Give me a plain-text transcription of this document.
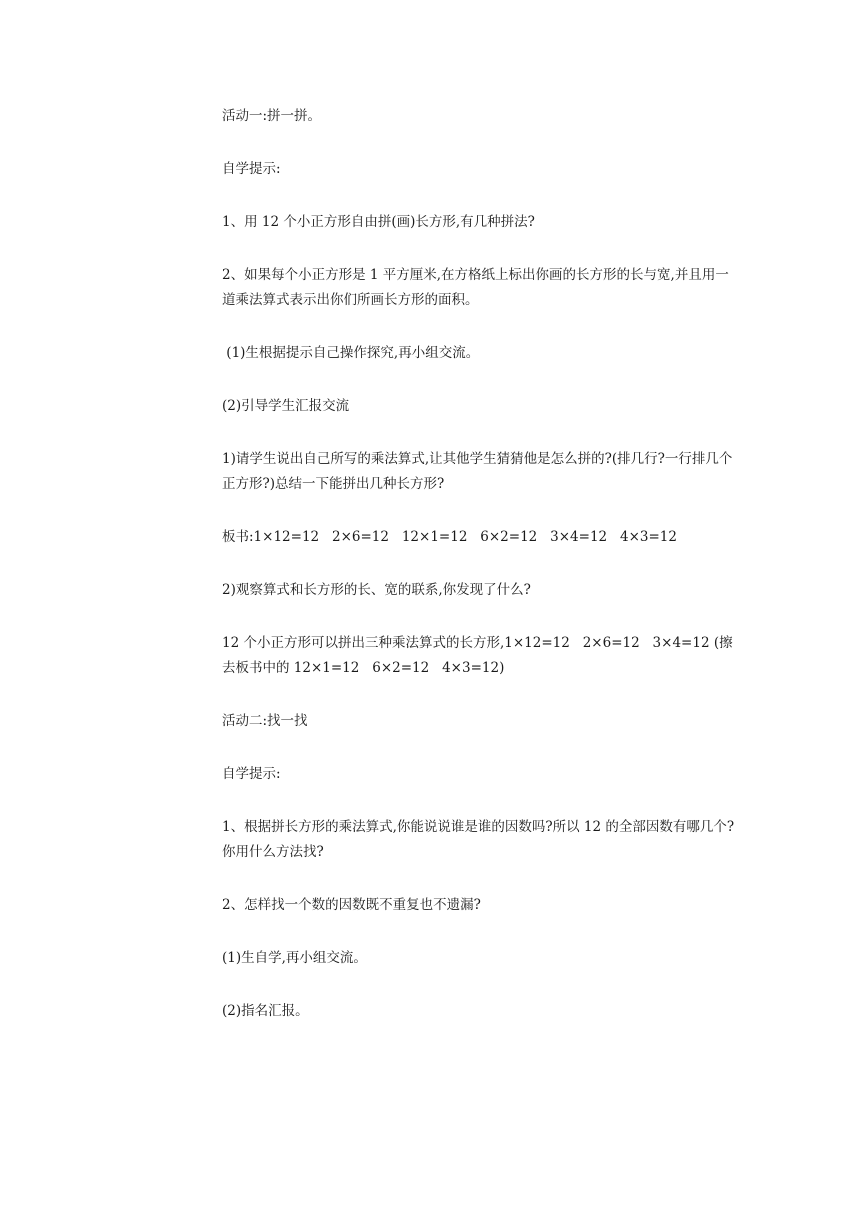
活动一:拼一拼。

自学提示:

1、用 12 个小正方形自由拼(画)长方形,有几种拼法?

2、如果每个小正方形是 1 平方厘米,在方格纸上标出你画的长方形的长与宽,并且用一道乘法算式表示出你们所画长方形的面积。

(1)生根据提示自己操作探究,再小组交流。

(2)引导学生汇报交流

1)请学生说出自己所写的乘法算式,让其他学生猜猜他是怎么拼的?(排几行?一行排几个正方形?)总结一下能拼出几种长方形?

板书:1×12=12   2×6=12   12×1=12   6×2=12   3×4=12   4×3=12

2)观察算式和长方形的长、宽的联系,你发现了什么?

12 个小正方形可以拼出三种乘法算式的长方形,1×12=12   2×6=12   3×4=12 (擦去板书中的 12×1=12   6×2=12   4×3=12)

活动二:找一找

自学提示:

1、根据拼长方形的乘法算式,你能说说谁是谁的因数吗?所以 12 的全部因数有哪几个?你用什么方法找?

2、怎样找一个数的因数既不重复也不遗漏?

(1)生自学,再小组交流。

(2)指名汇报。
